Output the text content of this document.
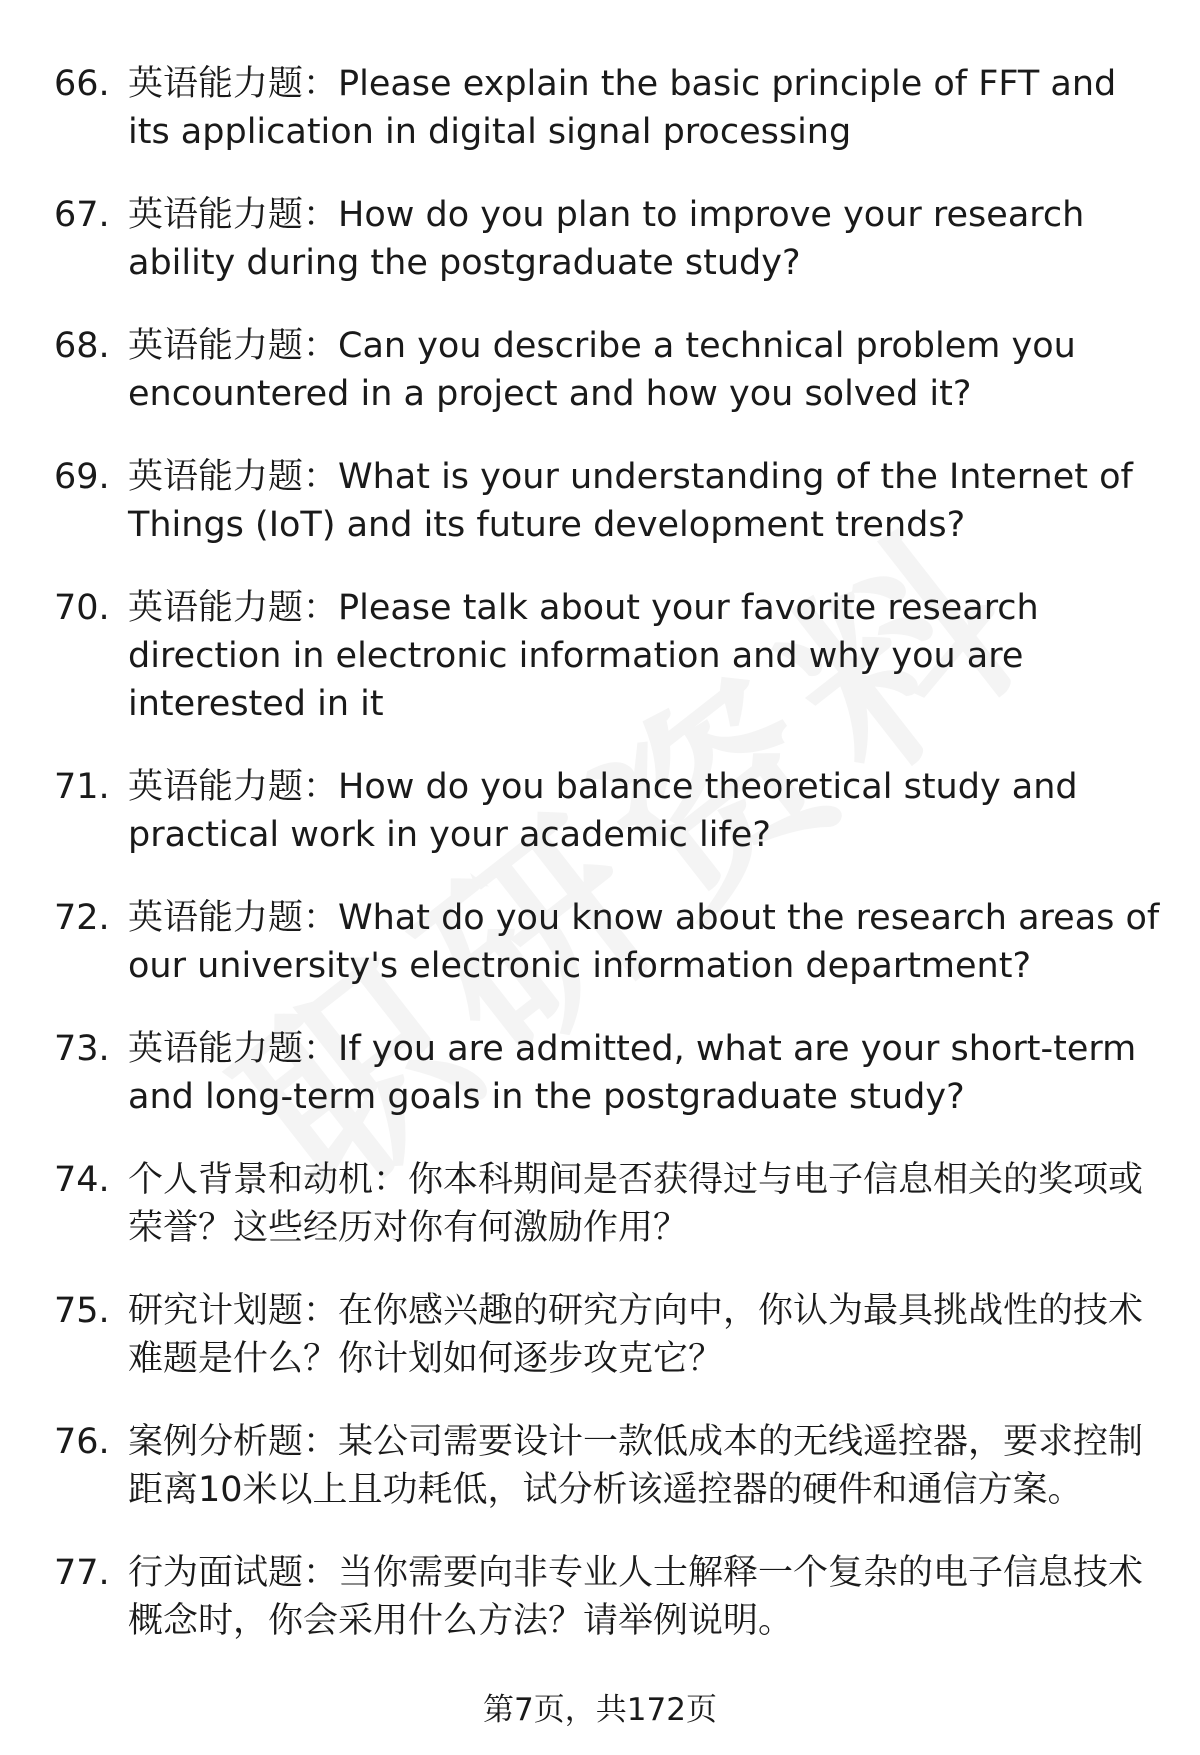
66. 英语能力题：Please explain the basic principle of FFT and its application in digital signal processing
67. 英语能力题：How do you plan to improve your research ability during the postgraduate study?
68. 英语能力题：Can you describe a technical problem you encountered in a project and how you solved it?
69. 英语能力题：What is your understanding of the Internet of Things (IoT) and its future development trends?
70. 英语能力题：Please talk about your favorite research direction in electronic information and why you are interested in it
71. 英语能力题：How do you balance theoretical study and practical work in your academic life?
72. 英语能力题：What do you know about the research areas of our university's electronic information department?
73. 英语能力题：If you are admitted, what are your short-term and long-term goals in the postgraduate study?
74. 个人背景和动机：你本科期间是否获得过与电子信息相关的奖项或荣誉？这些经历对你有何激励作用？
75. 研究计划题：在你感兴趣的研究方向中，你认为最具挑战性的技术难题是什么？你计划如何逐步攻克它？
76. 案例分析题：某公司需要设计一款低成本的无线遥控器，要求控制距离10米以上且功耗低，试分析该遥控器的硬件和通信方案。
77. 行为面试题：当你需要向非专业人士解释一个复杂的电子信息技术概念时，你会采用什么方法？请举例说明。
第7页，共172页
